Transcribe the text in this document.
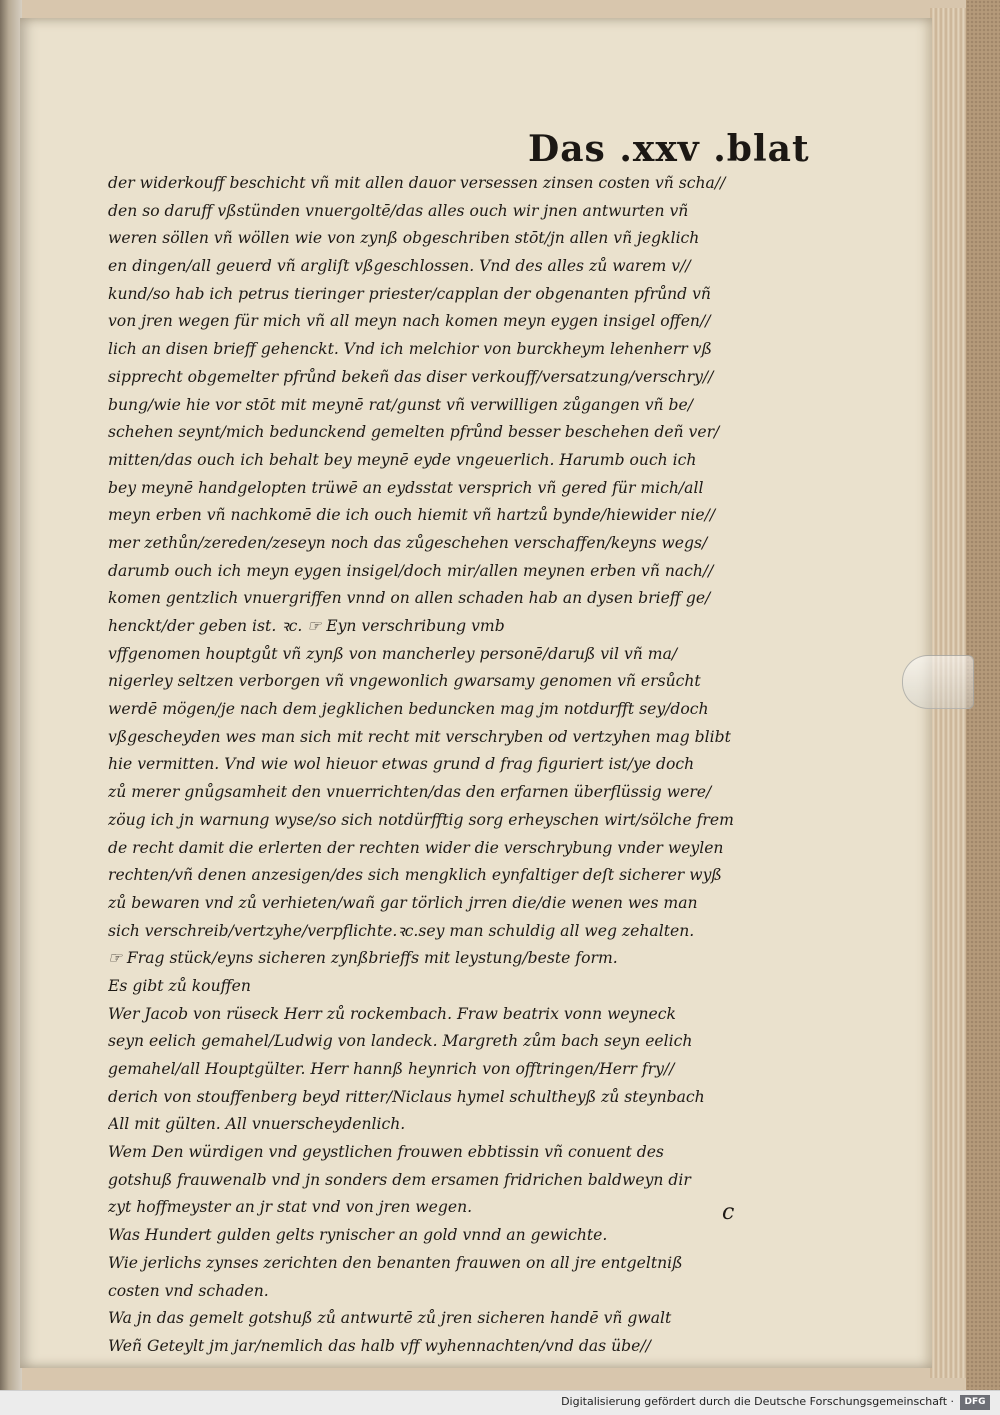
Das .xxv .blat
der widerkouff beschicht vñ mit allen dauor versessen zinsen costen vñ scha//
den so daruff vßstünden vnuergoltē/das alles ouch wir jnen antwurten vñ
weren söllen vñ wöllen wie von zynß obgeschriben stōt/jn allen vñ jegklich
en dingen/all geuerd vñ argliſt vßgeschlossen. Vnd des alles zů warem v//
kund/so hab ich petrus tieringer priester/capplan der obgenanten pfrůnd vñ
von jren wegen für mich vñ all meyn nach komen meyn eygen insigel offen//
lich an disen brieff gehenckt. Vnd ich melchior von burckheym lehenherr vß
sipprecht obgemelter pfrůnd bekeñ das diser verkouff/versatzung/verschry//
bung/wie hie vor stōt mit meynē rat/gunst vñ verwilligen zůgangen vñ be/
schehen seynt/mich bedunckend gemelten pfrůnd besser beschehen deñ ver/
mitten/das ouch ich behalt bey meynē eyde vngeuerlich. Harumb ouch ich
bey meynē handgelopten trüwē an eydsstat versprich vñ gered für mich/all
meyn erben vñ nachkomē die ich ouch hiemit vñ hartzů bynde/hiewider nie//
mer zethůn/zereden/zeseyn noch das zůgeschehen verschaffen/keyns wegs/
darumb ouch ich meyn eygen insigel/doch mir/allen meynen erben vñ nach//
komen gentzlich vnuergriffen vnnd on allen schaden hab an dysen brieff ge/
henckt/der geben ist. ꝛc. ☞ Eyn verschribung vmb
vffgenomen houptgůt vñ zynß von mancherley personē/daruß vil vñ ma/
nigerley seltzen verborgen vñ vngewonlich gwarsamy genomen vñ ersůcht
werdē mögen/je nach dem jegklichen beduncken mag jm notdurfft sey/doch
vßgescheyden wes man sich mit recht mit verschryben od vertzyhen mag blibt
hie vermitten. Vnd wie wol hieuor etwas grund d frag figuriert ist/ye doch
zů merer gnůgsamheit den vnuerrichten/das den erfarnen überflüssig were/
zöug ich jn warnung wyse/so sich notdürfftig sorg erheyschen wirt/sölche frem
de recht damit die erlerten der rechten wider die verschrybung vnder weylen
rechten/vñ denen anzesigen/des sich mengklich eynfaltiger deſt sicherer wyß
zů bewaren vnd zů verhieten/wañ gar törlich jrren die/die wenen wes man
sich verschreib/vertzyhe/verpflichte.ꝛc.sey man schuldig all weg zehalten.
☞ Frag stück/eyns sicheren zynßbrieffs mit leystung/beste form.
Es gibt zů kouffen
Wer Jacob von rüseck Herr zů rockembach. Fraw beatrix vonn weyneck
seyn eelich gemahel/Ludwig von landeck. Margreth zům bach seyn eelich
gemahel/all Houptgülter. Herr hannß heynrich von offtringen/Herr fry//
derich von stouffenberg beyd ritter/Niclaus hymel schultheyß zů steynbach
All mit gülten. All vnuerscheydenlich.
Wem Den würdigen vnd geystlichen frouwen ebbtissin vñ conuent des
gotshuß frauwenalb vnd jn sonders dem ersamen fridrichen baldweyn dir
zyt hoffmeyster an jr stat vnd von jren wegen.
Was Hundert gulden gelts rynischer an gold vnnd an gewichte.
Wie jerlichs zynses zerichten den benanten frauwen on all jre entgeltniß
costen vnd schaden.
Wa jn das gemelt gotshuß zů antwurtē zů jren sicheren handē vñ gwalt
Weñ Geteylt jm jar/nemlich das halb vff wyhennachten/vnd das übe//
c
Digitalisierung gefördert durch die Deutsche Forschungsgemeinschaft ·	DFG
